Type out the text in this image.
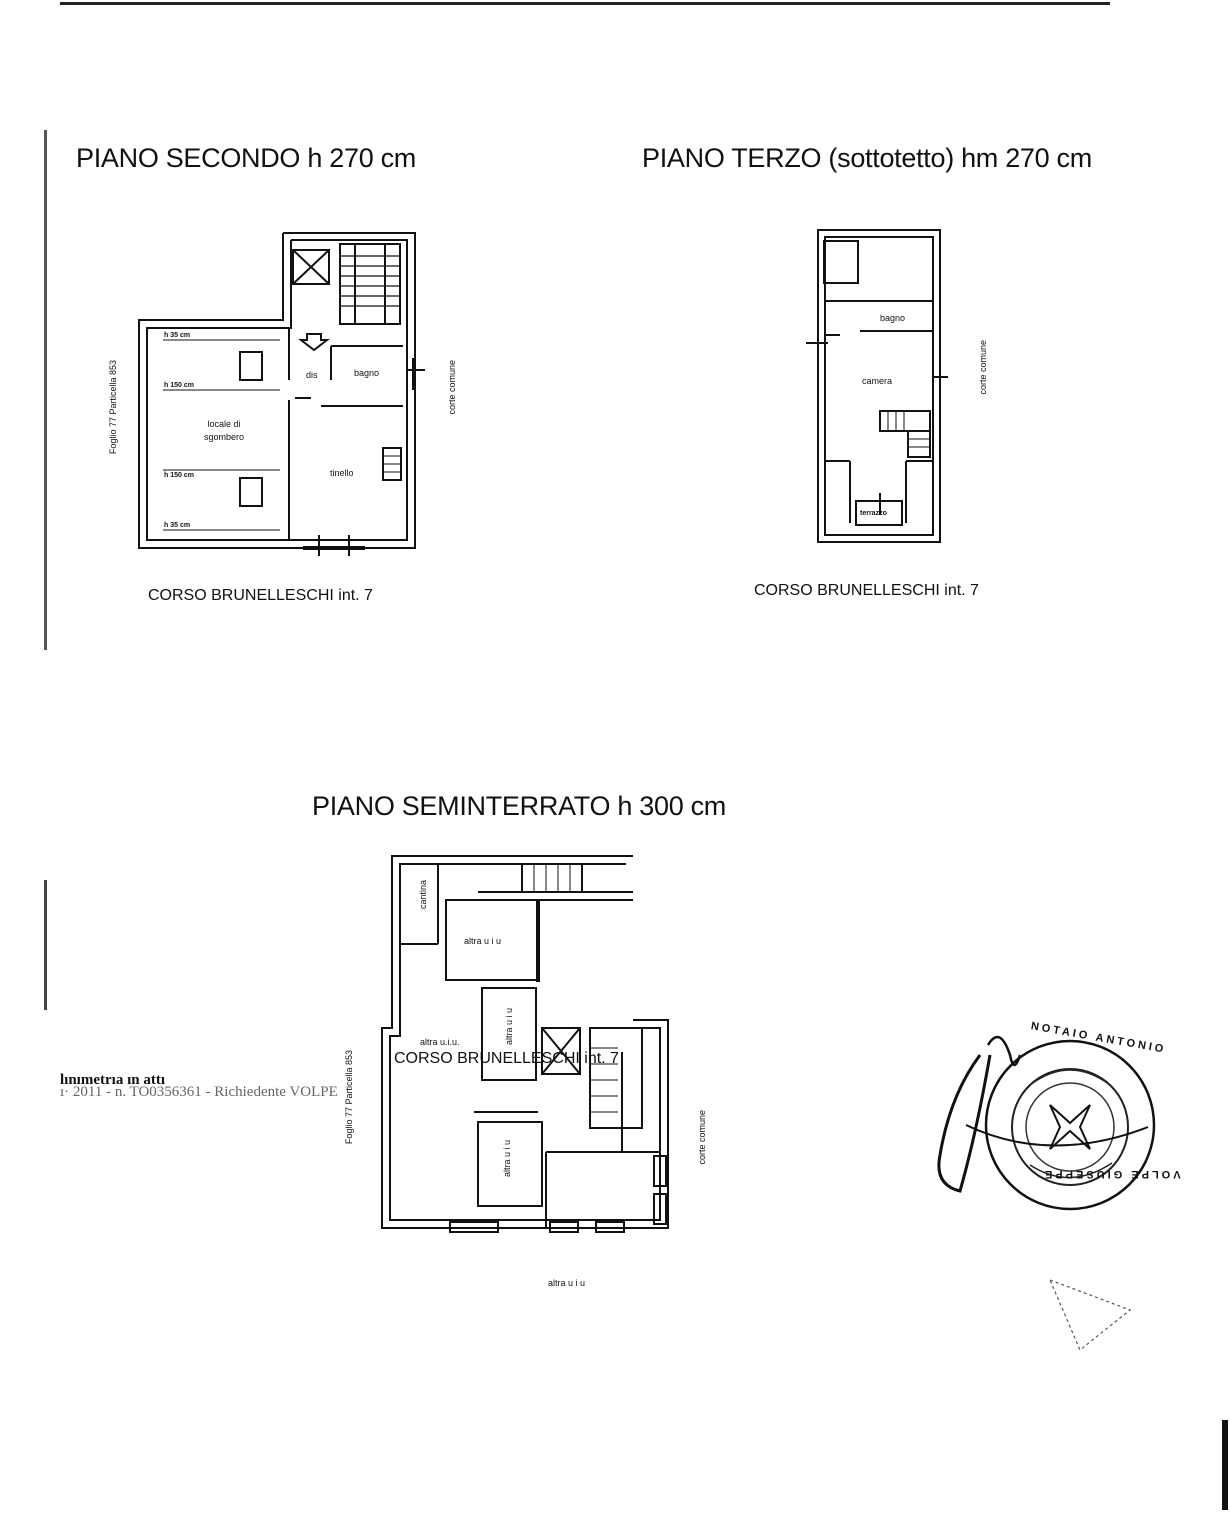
PIANO SECONDO h 270 cm
h 35 cm
h 150 cm
h 150 cm
h 35 cm
locale di sgombero
dis	bagno
tinello
Foglio 77 Particella 853	corte comune
CORSO BRUNELLESCHI int. 7
PIANO TERZO (sottotetto) hm 270 cm
bagno
camera
terrazzo
corte comune
CORSO BRUNELLESCHI int. 7
PIANO SEMINTERRATO h 300 cm
cantina
altra u i u
altra u.i.u.	altra u i u
altra u i u
altra u i u
Foglio 77 Particella 853	corte comune
CORSO BRUNELLESCHI int. 7
NOTAIO ANTONIO
VOLPE GIUSEPPE
lınımetrıa ın attı
ı· 2011 - n. TO0356361 - Richiedente VOLPE
